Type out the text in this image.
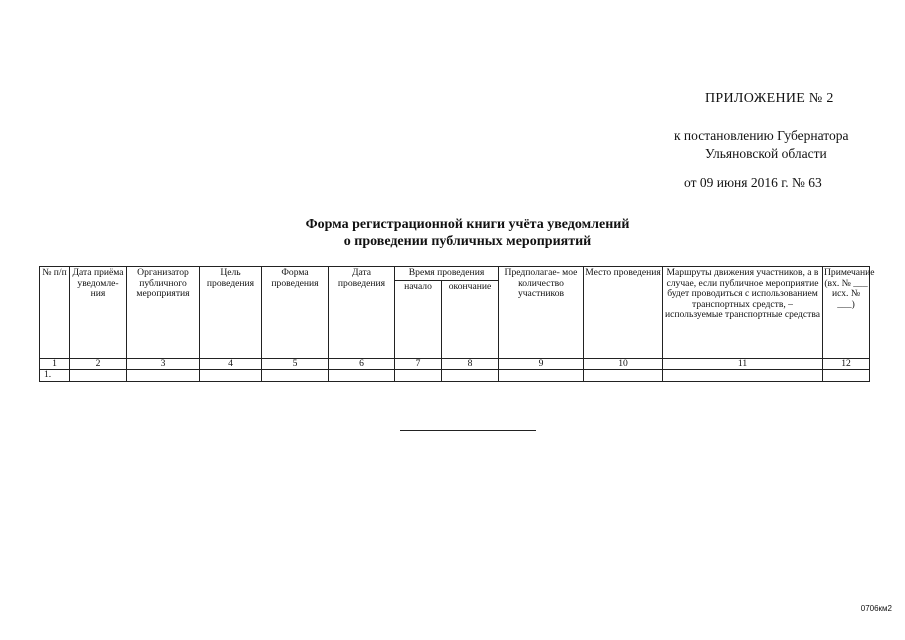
ПРИЛОЖЕНИЕ № 2
к постановлению Губернатора
Ульяновской области
от 09 июня 2016 г. № 63
Форма регистрационной книги учёта уведомлений
о проведении публичных мероприятий
№ п/п	Дата приёма уведомле- ния	Организатор публичного мероприятия	Цель проведения	Форма проведения	Дата проведения	Время проведения		Предполагае- мое количество участников	Место проведения	Маршруты движения участников, а в случае, если публичное мероприятие будет проводиться с использованием транспортных средств, – используемые транспортные средства	Примечание (вх. № ___ исх. № ___)
						начало	окончание				
1	2	3	4	5	6	7	8	9	10	11	12
1.											
0706км2
